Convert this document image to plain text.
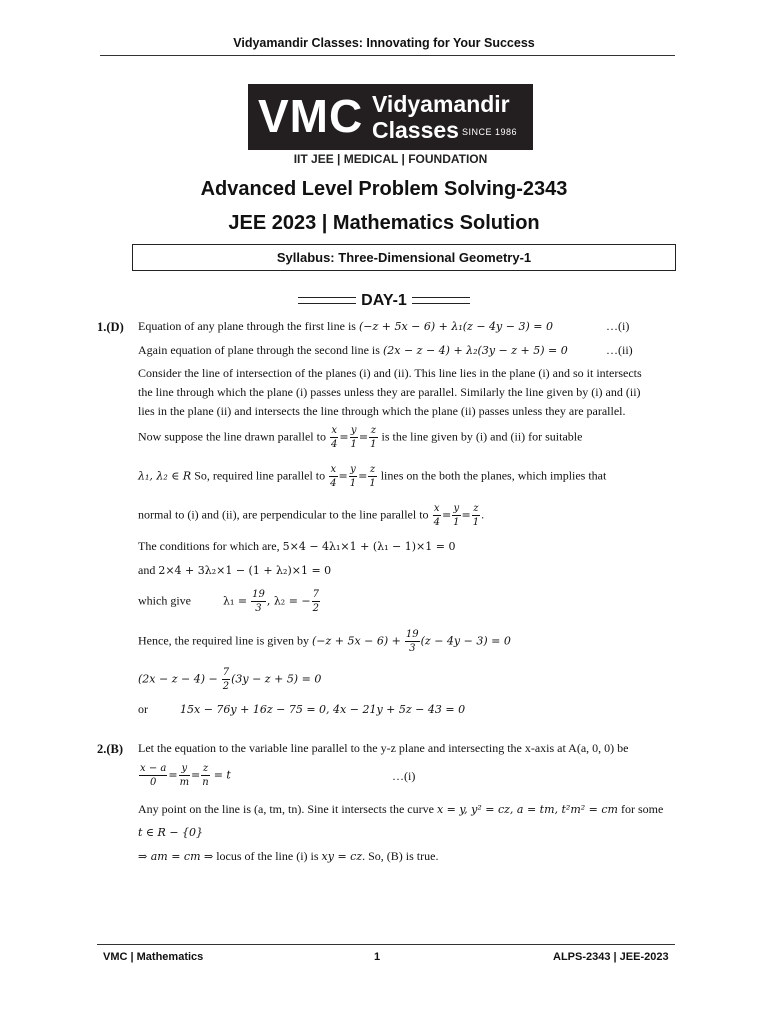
Vidyamandir Classes: Innovating for Your Success
VMC Vidyamandir
Classes SINCE 1986
IIT JEE | MEDICAL | FOUNDATION
Advanced Level Problem Solving-2343
JEE 2023 | Mathematics Solution
Syllabus: Three-Dimensional Geometry-1
DAY-1
1.(D) Equation of any plane through the first line is (−z + 5x − 6) + λ₁(z − 4y − 3) = 0	…(i)
Again equation of plane through the second line is (2x − z − 4) + λ₂(3y − z + 5) = 0	…(ii)
Consider the line of intersection of the planes (i) and (ii). This line lies in the plane (i) and so it intersects
the line through which the plane (i) passes unless they are parallel. Similarly the line given by (i) and (ii)
lies in the plane (ii) and intersects the line through which the plane (ii) passes unless they are parallel.
Now suppose the line drawn parallel to $\frac{x}{4} = \frac{y}{1} = \frac{z}{1}$ is the line given by (i) and (ii) for suitable
λ₁, λ₂ ∈ R So, required line parallel to $\frac{x}{4} = \frac{y}{1} = \frac{z}{1}$ lines on the both the planes, which implies that
normal to (i) and (ii), are perpendicular to the line parallel to $\frac{x}{4} = \frac{y}{1} = \frac{z}{1}$ .
The conditions for which are, 5×4 − 4λ₁×1 + (λ₁ − 1)×1 = 0
and 2×4 + 3λ₂×1 − (1 + λ₂)×1 = 0
which give	$\lambda_1 = \frac{19}{3}$ , λ₂ = − $\frac{7}{2}$
Hence, the required line is given by $(-z + 5x - 6) + \frac{19}{3} (z - 4y - 3) = 0$
$(2x - z - 4) - \frac{7}{2} (3y - z + 5) = 0$
or	15x − 76y + 16z − 75 = 0, 4x − 21y + 5z − 43 = 0
2.(B) Let the equation to the variable line parallel to the y-z plane and intersecting the x-axis at A(a, 0, 0) be
$\frac{x - a}{0} = \frac{y}{m} = \frac{z}{n} = t$	…(i)
Any point on the line is (a, tm, tn). Sine it intersects the curve x = y, y² = cz, a = tm, t²m² = cm for some
t ∈ R − {0}
⇒ am = cm ⇒ locus of the line (i) is xy = cz. So, (B) is true.
VMC | Mathematics	1	ALPS-2343 | JEE-2023
